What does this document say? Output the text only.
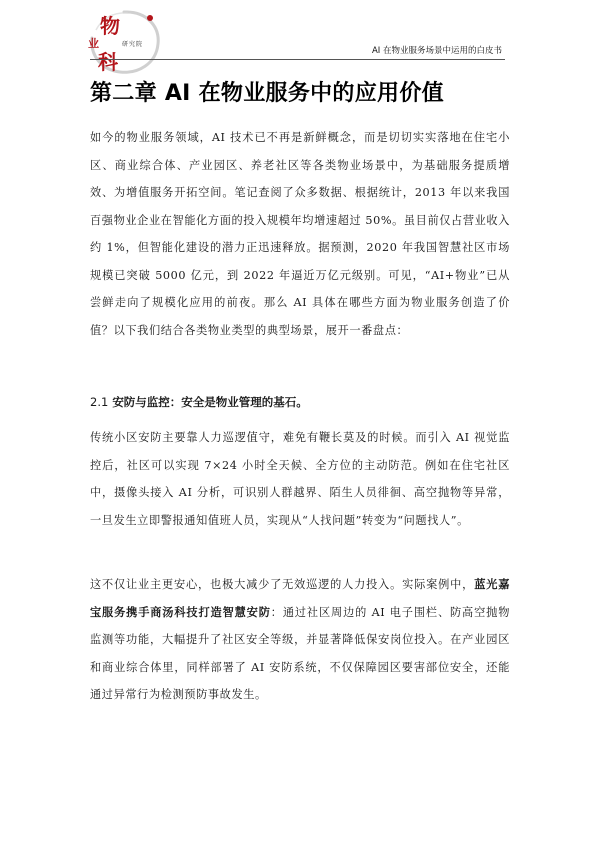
物
业
科
研究院
AI 在物业服务场景中运用的白皮书
第二章 AI 在物业服务中的应用价值

如今的物业服务领域，AI 技术已不再是新鲜概念，而是切切实实落地在住宅小区、商业综合体、产业园区、养老社区等各类物业场景中，为基础服务提质增效、为增值服务开拓空间。笔记查阅了众多数据、根据统计，2013 年以来我国百强物业企业在智能化方面的投入规模年均增速超过 50%。虽目前仅占营业收入约 1%，但智能化建设的潜力正迅速释放。据预测，2020 年我国智慧社区市场规模已突破 5000 亿元，到 2022 年逼近万亿元级别。可见，“AI+物业”已从尝鲜走向了规模化应用的前夜。那么 AI 具体在哪些方面为物业服务创造了价值？以下我们结合各类物业类型的典型场景，展开一番盘点：

2.1 安防与监控：安全是物业管理的基石。

传统小区安防主要靠人力巡逻值守，难免有鞭长莫及的时候。而引入 AI 视觉监控后，社区可以实现 7×24 小时全天候、全方位的主动防范。例如在住宅社区中，摄像头接入 AI 分析，可识别人群越界、陌生人员徘徊、高空抛物等异常，一旦发生立即警报通知值班人员，实现从“人找问题”转变为“问题找人”。

这不仅让业主更安心，也极大减少了无效巡逻的人力投入。实际案例中，蓝光嘉宝服务携手商汤科技打造智慧安防：通过社区周边的 AI 电子围栏、防高空抛物监测等功能，大幅提升了社区安全等级，并显著降低保安岗位投入。在产业园区和商业综合体里，同样部署了 AI 安防系统，不仅保障园区要害部位安全，还能通过异常行为检测预防事故发生。
